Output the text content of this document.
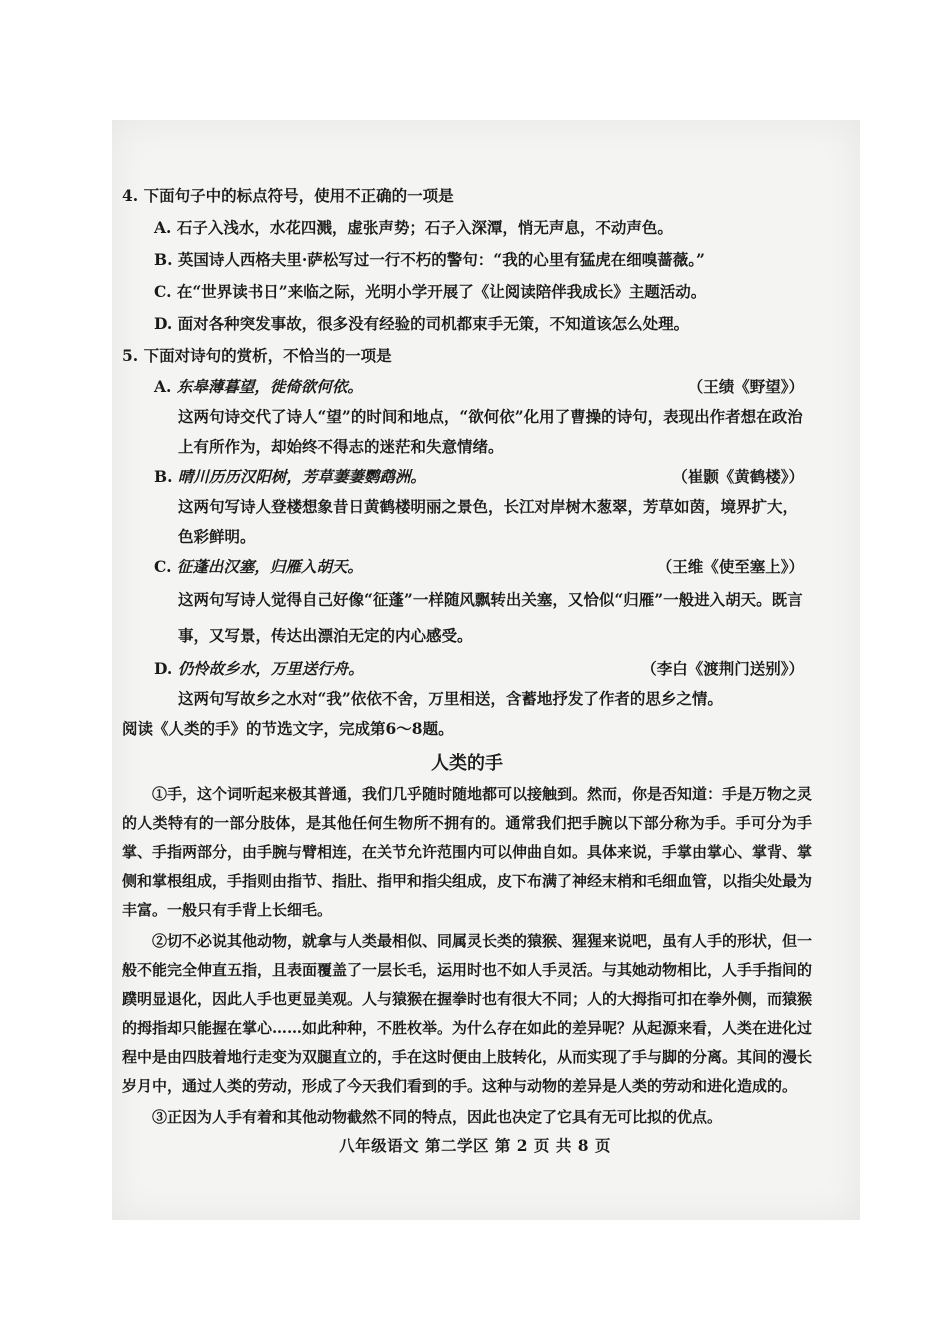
4. 下面句子中的标点符号，使用不正确的一项是
A. 石子入浅水，水花四溅，虚张声势；石子入深潭，悄无声息，不动声色。
B. 英国诗人西格夫里·萨松写过一行不朽的警句：“我的心里有猛虎在细嗅蔷薇。”
C. 在“世界读书日”来临之际，光明小学开展了《让阅读陪伴我成长》主题活动。
D. 面对各种突发事故，很多没有经验的司机都束手无策，不知道该怎么处理。
5. 下面对诗句的赏析，不恰当的一项是
A. 东皋薄暮望，徙倚欲何依。	（王绩《野望》）
这两句诗交代了诗人“望”的时间和地点，“欲何依”化用了曹操的诗句，表现出作者想在政治上有所作为，却始终不得志的迷茫和失意情绪。
B. 晴川历历汉阳树，芳草萋萋鹦鹉洲。	（崔颢《黄鹤楼》）
这两句写诗人登楼想象昔日黄鹤楼明丽之景色，长江对岸树木葱翠，芳草如茵，境界扩大，色彩鲜明。
C. 征蓬出汉塞，归雁入胡天。	（王维《使至塞上》）
这两句写诗人觉得自己好像“征蓬”一样随风飘转出关塞，又恰似“归雁”一般进入胡天。既言事，又写景，传达出漂泊无定的内心感受。
D. 仍怜故乡水，万里送行舟。	（李白《渡荆门送别》）
这两句写故乡之水对“我”依依不舍，万里相送，含蓄地抒发了作者的思乡之情。
阅读《人类的手》的节选文字，完成第6～8题。
人类的手
①手，这个词听起来极其普通，我们几乎随时随地都可以接触到。然而，你是否知道：手是万物之灵的人类特有的一部分肢体，是其他任何生物所不拥有的。通常我们把手腕以下部分称为手。手可分为手掌、手指两部分，由手腕与臂相连，在关节允许范围内可以伸曲自如。具体来说，手掌由掌心、掌背、掌侧和掌根组成，手指则由指节、指肚、指甲和指尖组成，皮下布满了神经末梢和毛细血管，以指尖处最为丰富。一般只有手背上长细毛。
②切不必说其他动物，就拿与人类最相似、同属灵长类的猿猴、猩猩来说吧，虽有人手的形状，但一般不能完全伸直五指，且表面覆盖了一层长毛，运用时也不如人手灵活。与其她动物相比，人手手指间的蹼明显退化，因此人手也更显美观。人与猿猴在握拳时也有很大不同；人的大拇指可扣在拳外侧，而猿猴的拇指却只能握在掌心……如此种种，不胜枚举。为什么存在如此的差异呢？从起源来看，人类在进化过程中是由四肢着地行走变为双腿直立的，手在这时便由上肢转化，从而实现了手与脚的分离。其间的漫长岁月中，通过人类的劳动，形成了今天我们看到的手。这种与动物的差异是人类的劳动和进化造成的。
③正因为人手有着和其他动物截然不同的特点，因此也决定了它具有无可比拟的优点。
八年级语文 第二学区 第 2 页 共 8 页
